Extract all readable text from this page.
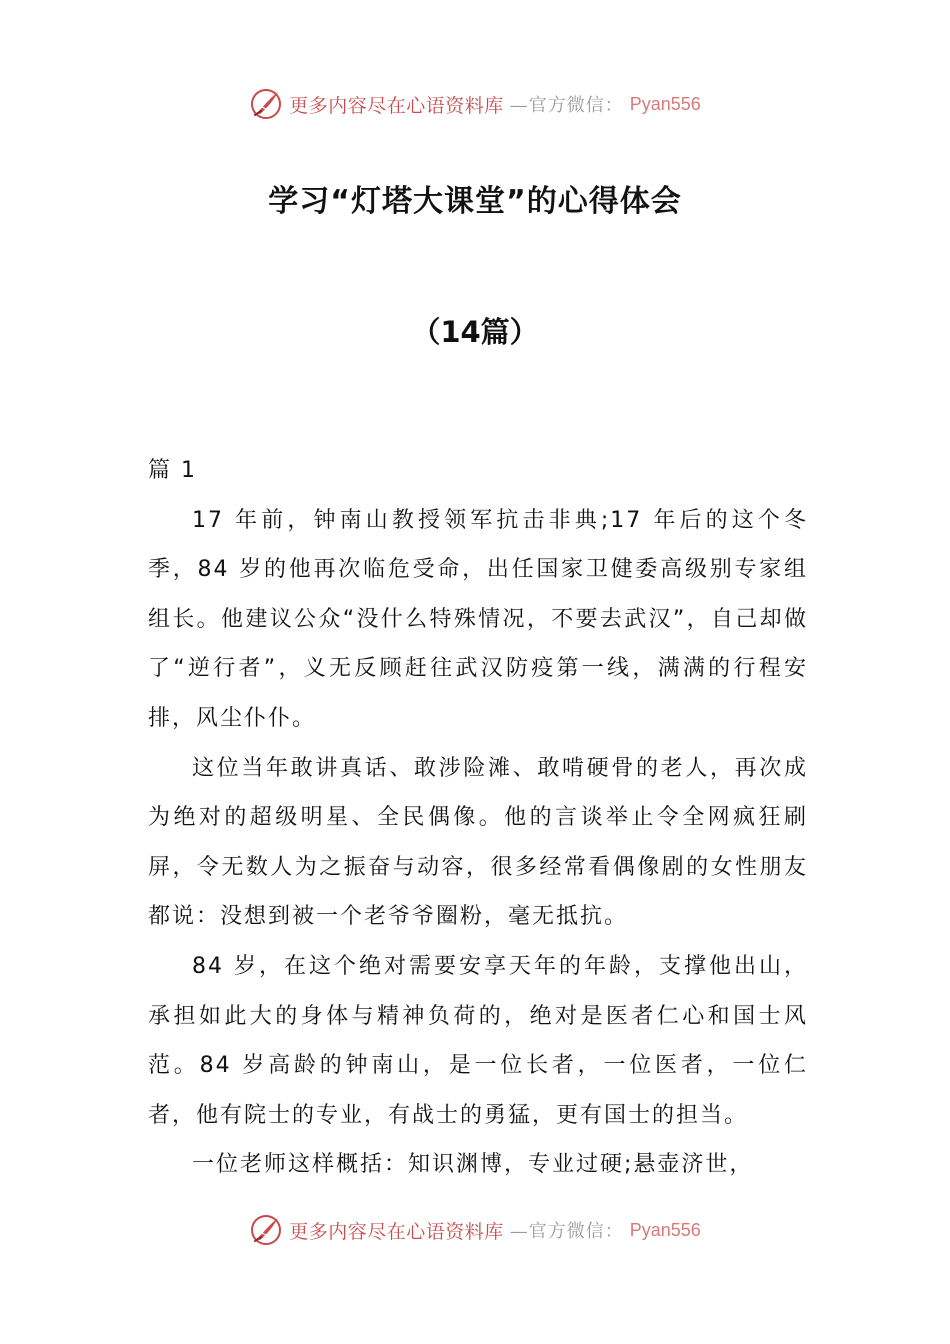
更多内容尽在心语资料库 —官方微信： Pyan556
学习“灯塔大课堂”的心得体会
（14篇）

篇 1

17 年前，钟南山教授领军抗击非典;17 年后的这个冬季，84 岁的他再次临危受命，出任国家卫健委高级别专家组组长。他建议公众“没什么特殊情况，不要去武汉”，自己却做了“逆行者”，义无反顾赶往武汉防疫第一线，满满的行程安排，风尘仆仆。

这位当年敢讲真话、敢涉险滩、敢啃硬骨的老人，再次成为绝对的超级明星、全民偶像。他的言谈举止令全网疯狂刷屏，令无数人为之振奋与动容，很多经常看偶像剧的女性朋友都说：没想到被一个老爷爷圈粉，毫无抵抗。

84 岁，在这个绝对需要安享天年的年龄，支撑他出山，承担如此大的身体与精神负荷的，绝对是医者仁心和国士风范。84 岁高龄的钟南山，是一位长者，一位医者，一位仁者，他有院士的专业，有战士的勇猛，更有国士的担当。

一位老师这样概括：知识渊博，专业过硬;悬壶济世，

更多内容尽在心语资料库 —官方微信： Pyan556
